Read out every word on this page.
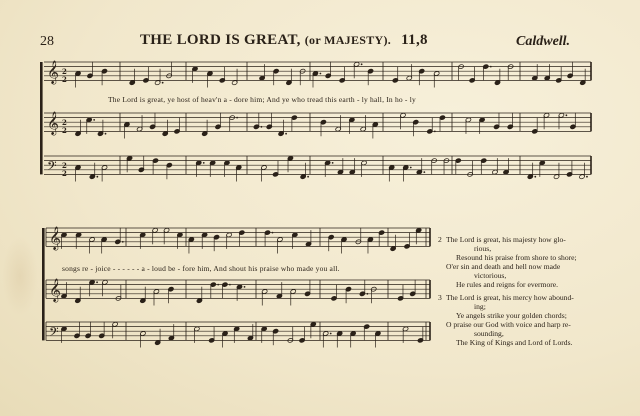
28	THE LORD IS GREAT, (or MAJESTY). 11,8	Caldwell.
𝄞 2
2
𝄞 2
2
𝄢 2
2
𝄞
𝄞
𝄢
The Lord is great, ye host of heav'n a - dore him; And ye who tread this earth - ly hall, In ho - ly
songs re - joice - - - - - - a - loud be - fore him, And shout his praise who made you all.
2 The Lord is great, his majesty how glo-
rious,
Resound his praise from shore to shore;
O'er sin and death and hell now made
victorious,
He rules and reigns for evermore.
3 The Lord is great, his mercy how abound-
ing;
Ye angels strike your golden chords;
O praise our God with voice and harp re-
sounding,
The King of Kings and Lord of Lords.
